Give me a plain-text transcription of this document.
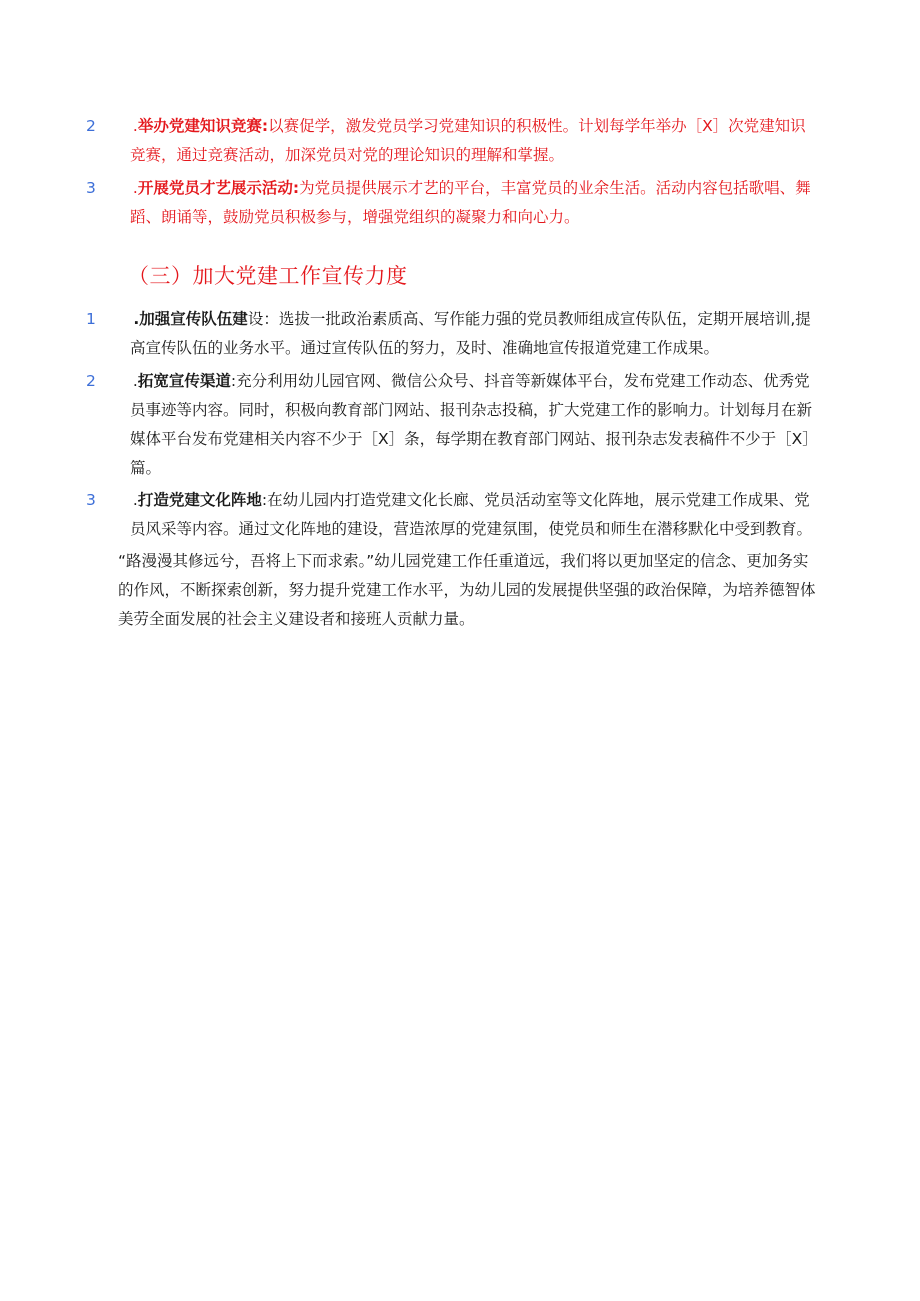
2 .举办党建知识竞赛:以赛促学，激发党员学习党建知识的积极性。计划每学年举办［X］次党建知识竞赛，通过竞赛活动，加深党员对党的理论知识的理解和掌握。
3 .开展党员才艺展示活动:为党员提供展示才艺的平台，丰富党员的业余生活。活动内容包括歌唱、舞蹈、朗诵等，鼓励党员积极参与，增强党组织的凝聚力和向心力。
（三）加大党建工作宣传力度
1 .加强宣传队伍建设：选拔一批政治素质高、写作能力强的党员教师组成宣传队伍，定期开展培训,提高宣传队伍的业务水平。通过宣传队伍的努力，及时、准确地宣传报道党建工作成果。
2 .拓宽宣传渠道:充分利用幼儿园官网、微信公众号、抖音等新媒体平台，发布党建工作动态、优秀党员事迹等内容。同时，积极向教育部门网站、报刊杂志投稿，扩大党建工作的影响力。计划每月在新媒体平台发布党建相关内容不少于［X］条，每学期在教育部门网站、报刊杂志发表稿件不少于［X］篇。
3 .打造党建文化阵地:在幼儿园内打造党建文化长廊、党员活动室等文化阵地，展示党建工作成果、党员风采等内容。通过文化阵地的建设，营造浓厚的党建氛围，使党员和师生在潜移默化中受到教育。
“路漫漫其修远兮，吾将上下而求索。”幼儿园党建工作任重道远，我们将以更加坚定的信念、更加务实的作风，不断探索创新，努力提升党建工作水平，为幼儿园的发展提供坚强的政治保障，为培养德智体美劳全面发展的社会主义建设者和接班人贡献力量。
